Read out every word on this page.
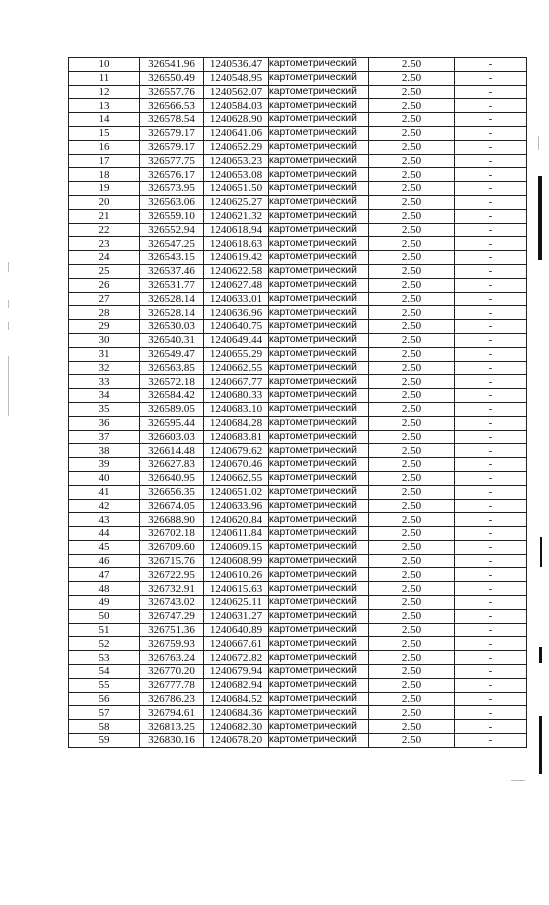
10	326541.96	1240536.47	картометрический	2.50	-
11	326550.49	1240548.95	картометрический	2.50	-
12	326557.76	1240562.07	картометрический	2.50	-
13	326566.53	1240584.03	картометрический	2.50	-
14	326578.54	1240628.90	картометрический	2.50	-
15	326579.17	1240641.06	картометрический	2.50	-
16	326579.17	1240652.29	картометрический	2.50	-
17	326577.75	1240653.23	картометрический	2.50	-
18	326576.17	1240653.08	картометрический	2.50	-
19	326573.95	1240651.50	картометрический	2.50	-
20	326563.06	1240625.27	картометрический	2.50	-
21	326559.10	1240621.32	картометрический	2.50	-
22	326552.94	1240618.94	картометрический	2.50	-
23	326547.25	1240618.63	картометрический	2.50	-
24	326543.15	1240619.42	картометрический	2.50	-
25	326537.46	1240622.58	картометрический	2.50	-
26	326531.77	1240627.48	картометрический	2.50	-
27	326528.14	1240633.01	картометрический	2.50	-
28	326528.14	1240636.96	картометрический	2.50	-
29	326530.03	1240640.75	картометрический	2.50	-
30	326540.31	1240649.44	картометрический	2.50	-
31	326549.47	1240655.29	картометрический	2.50	-
32	326563.85	1240662.55	картометрический	2.50	-
33	326572.18	1240667.77	картометрический	2.50	-
34	326584.42	1240680.33	картометрический	2.50	-
35	326589.05	1240683.10	картометрический	2.50	-
36	326595.44	1240684.28	картометрический	2.50	-
37	326603.03	1240683.81	картометрический	2.50	-
38	326614.48	1240679.62	картометрический	2.50	-
39	326627.83	1240670.46	картометрический	2.50	-
40	326640.95	1240662.55	картометрический	2.50	-
41	326656.35	1240651.02	картометрический	2.50	-
42	326674.05	1240633.96	картометрический	2.50	-
43	326688.90	1240620.84	картометрический	2.50	-
44	326702.18	1240611.84	картометрический	2.50	-
45	326709.60	1240609.15	картометрический	2.50	-
46	326715.76	1240608.99	картометрический	2.50	-
47	326722.95	1240610.26	картометрический	2.50	-
48	326732.91	1240615.63	картометрический	2.50	-
49	326743.02	1240625.11	картометрический	2.50	-
50	326747.29	1240631.27	картометрический	2.50	-
51	326751.36	1240640.89	картометрический	2.50	-
52	326759.93	1240667.61	картометрический	2.50	-
53	326763.24	1240672.82	картометрический	2.50	-
54	326770.20	1240679.94	картометрический	2.50	-
55	326777.78	1240682.94	картометрический	2.50	-
56	326786.23	1240684.52	картометрический	2.50	-
57	326794.61	1240684.36	картометрический	2.50	-
58	326813.25	1240682.30	картометрический	2.50	-
59	326830.16	1240678.20	картометрический	2.50	-
